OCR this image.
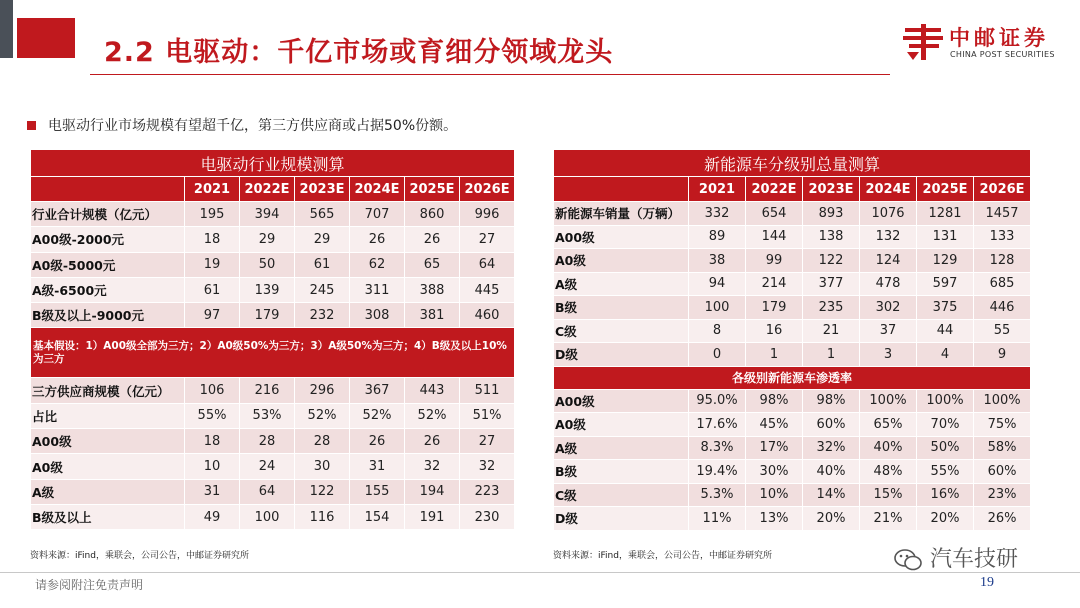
2.2 电驱动：千亿市场或育细分领域龙头	中邮证券
CHINA POST SECURITIES
电驱动行业市场规模有望超千亿，第三方供应商或占据50%份额。
电驱动行业规模测算						
	2021	2022E	2023E	2024E	2025E	2026E
行业合计规模（亿元）	195	394	565	707	860	996
A00级-2000元	18	29	29	26	26	27
A0级-5000元	19	50	61	62	65	64
A级-6500元	61	139	245	311	388	445
B级及以上-9000元	97	179	232	308	381	460
基本假设：1）A00级全部为三方；2）A0级50%为三方；3）A级50%为三方；4）B级及以上10%为三方						
三方供应商规模（亿元）	106	216	296	367	443	511
占比	55%	53%	52%	52%	52%	51%
A00级	18	28	28	26	26	27
A0级	10	24	30	31	32	32
A级	31	64	122	155	194	223
B级及以上	49	100	116	154	191	230
新能源车分级别总量测算						
	2021	2022E	2023E	2024E	2025E	2026E
新能源车销量（万辆）	332	654	893	1076	1281	1457
A00级	89	144	138	132	131	133
A0级	38	99	122	124	129	128
A级	94	214	377	478	597	685
B级	100	179	235	302	375	446
C级	8	16	21	37	44	55
D级	0	1	1	3	4	9
各级别新能源车渗透率						
A00级	95.0%	98%	98%	100%	100%	100%
A0级	17.6%	45%	60%	65%	70%	75%
A级	8.3%	17%	32%	40%	50%	58%
B级	19.4%	30%	40%	48%	55%	60%
C级	5.3%	10%	14%	15%	16%	23%
D级	11%	13%	20%	21%	20%	26%
资料来源：iFind，乘联会，公司公告，中邮证券研究所	资料来源：iFind，乘联会，公司公告，中邮证券研究所	汽车技研
请参阅附注免责声明	19
